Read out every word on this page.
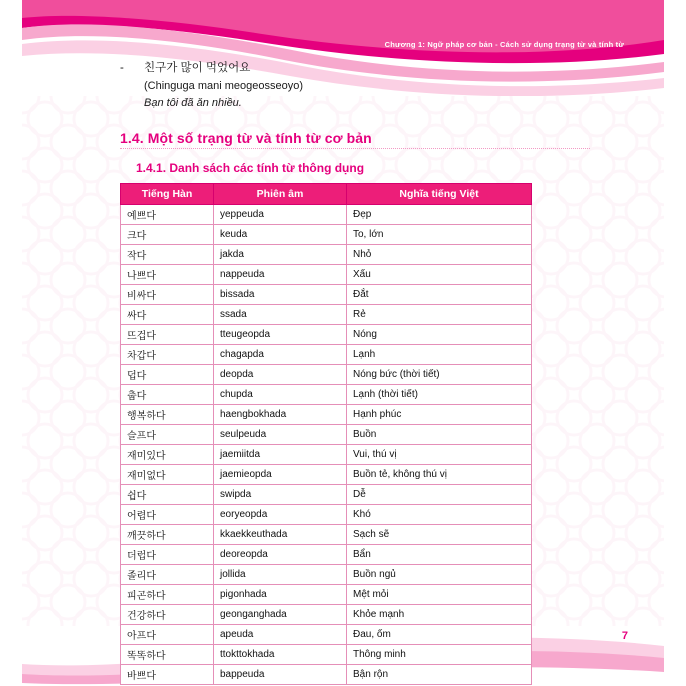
Chương 1: Ngữ pháp cơ bản - Cách sử dụng trạng từ và tính từ
7
-	친구가 많이 먹었어요
(Chinguga mani meogeosseoyo)
Bạn tôi đã ăn nhiều.
1.4. Một số trạng từ và tính từ cơ bản
1.4.1. Danh sách các tính từ thông dụng
Tiếng Hàn	Phiên âm	Nghĩa tiếng Việt
예쁘다	yeppeuda	Đẹp
크다	keuda	To, lớn
작다	jakda	Nhỏ
나쁘다	nappeuda	Xấu
비싸다	bissada	Đắt
싸다	ssada	Rẻ
뜨겁다	tteugeopda	Nóng
차갑다	chagapda	Lạnh
덥다	deopda	Nóng bức (thời tiết)
춥다	chupda	Lạnh (thời tiết)
행복하다	haengbokhada	Hạnh phúc
슬프다	seulpeuda	Buồn
재미있다	jaemiitda	Vui, thú vị
재미없다	jaemieopda	Buồn tẻ, không thú vị
쉽다	swipda	Dễ
어렵다	eoryeopda	Khó
깨끗하다	kkaekkeuthada	Sạch sẽ
더럽다	deoreopda	Bẩn
졸리다	jollida	Buồn ngủ
피곤하다	pigonhada	Mệt mỏi
건강하다	geonganghada	Khỏe mạnh
아프다	apeuda	Đau, ốm
똑똑하다	ttokttokhada	Thông minh
바쁘다	bappeuda	Bận rộn
